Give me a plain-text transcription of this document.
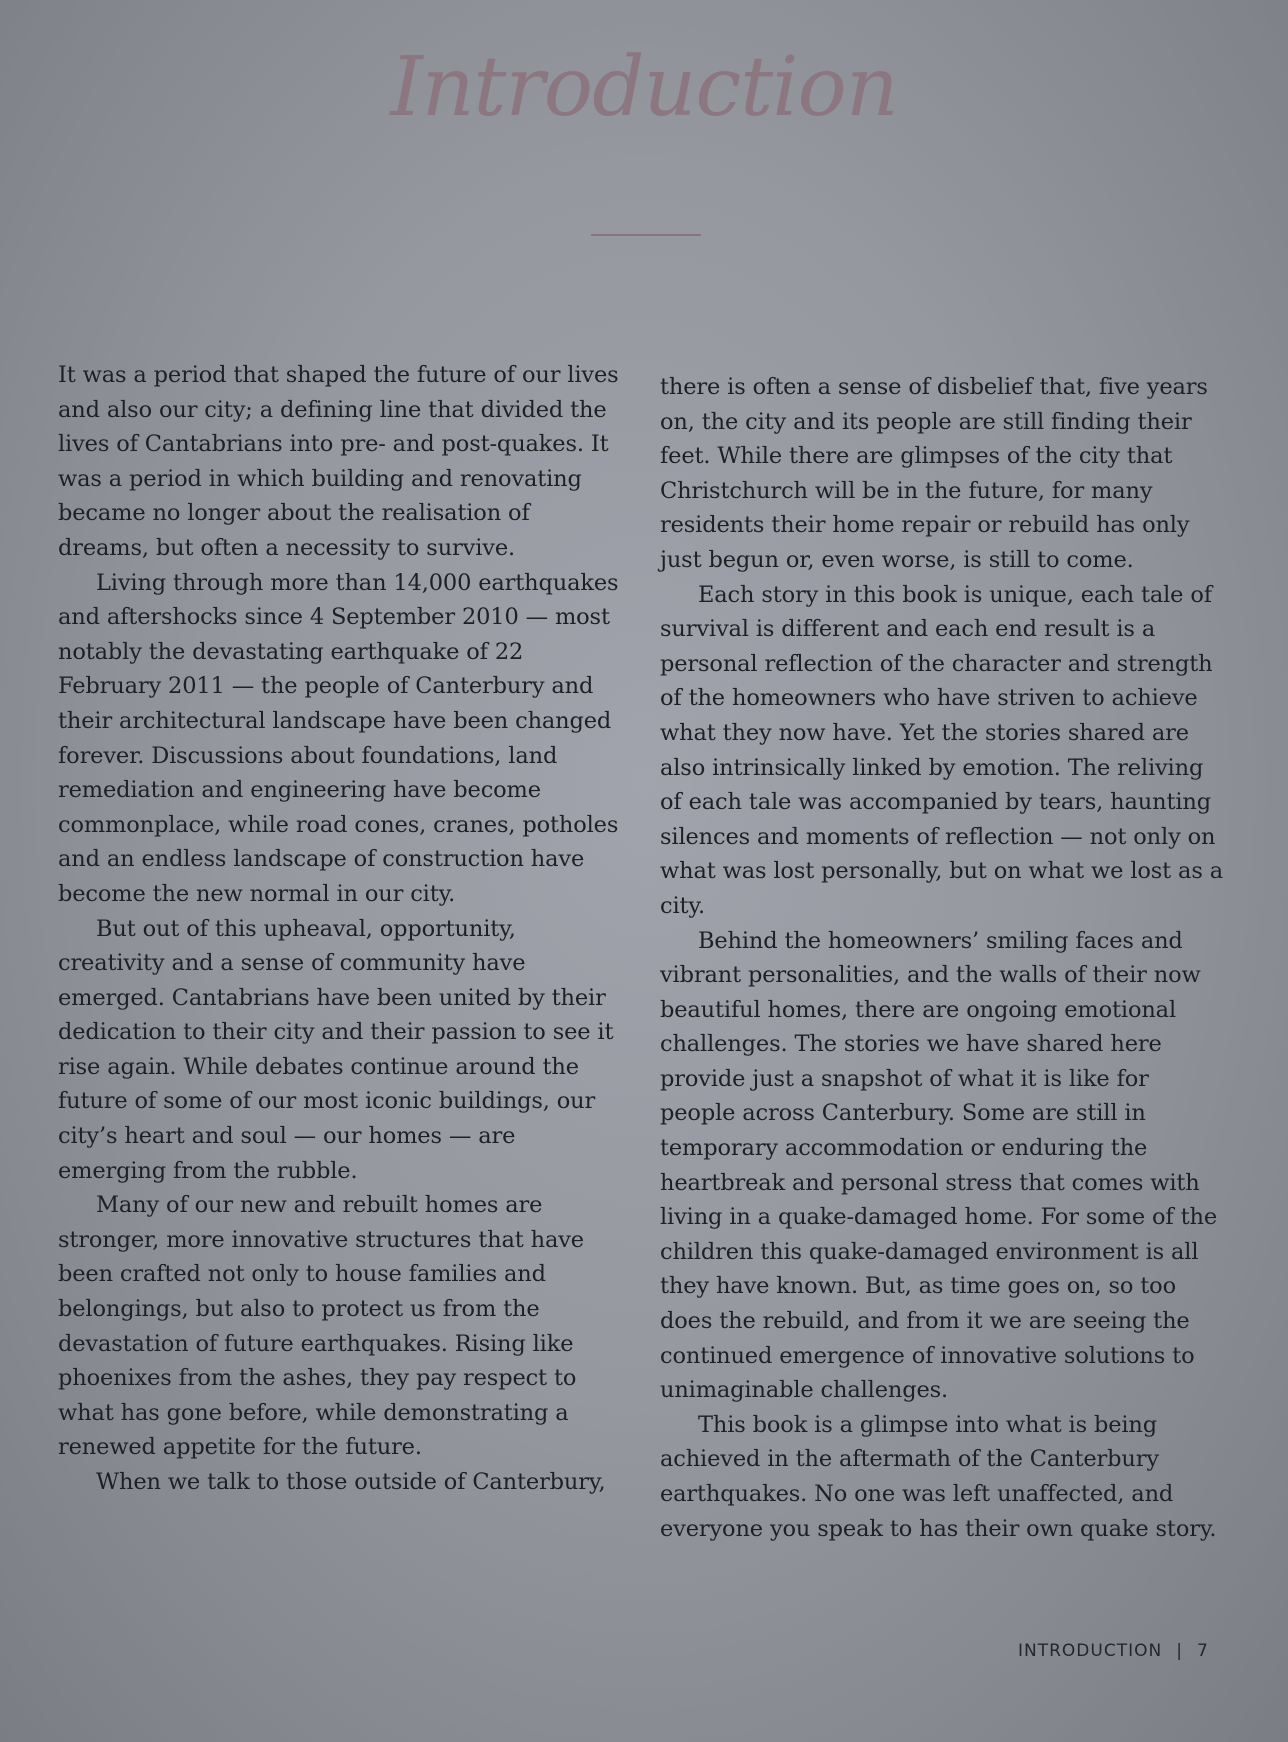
Introduction

It was a period that shaped the future of our lives and also our city; a defining line that divided the lives of Cantabrians into pre- and post-quakes. It was a period in which building and renovating became no longer about the realisation of dreams, but often a necessity to survive.

Living through more than 14,000 earthquakes and aftershocks since 4 September 2010 — most notably the devastating earthquake of 22 February 2011 — the people of Canterbury and their architectural landscape have been changed forever. Discussions about foundations, land remediation and engineering have become commonplace, while road cones, cranes, potholes and an endless landscape of construction have become the new normal in our city.

But out of this upheaval, opportunity, creativity and a sense of community have emerged. Cantabrians have been united by their dedication to their city and their passion to see it rise again. While debates continue around the future of some of our most iconic buildings, our city’s heart and soul — our homes — are emerging from the rubble.

Many of our new and rebuilt homes are stronger, more innovative structures that have been crafted not only to house families and belongings, but also to protect us from the devastation of future earthquakes. Rising like phoenixes from the ashes, they pay respect to what has gone before, while demonstrating a renewed appetite for the future.

When we talk to those outside of Canterbury,

there is often a sense of disbelief that, five years on, the city and its people are still finding their feet. While there are glimpses of the city that Christchurch will be in the future, for many residents their home repair or rebuild has only just begun or, even worse, is still to come.

Each story in this book is unique, each tale of survival is different and each end result is a personal reflection of the character and strength of the homeowners who have striven to achieve what they now have. Yet the stories shared are also intrinsically linked by emotion. The reliving of each tale was accompanied by tears, haunting silences and moments of reflection — not only on what was lost personally, but on what we lost as a city.

Behind the homeowners’ smiling faces and vibrant personalities, and the walls of their now beautiful homes, there are ongoing emotional challenges. The stories we have shared here provide just a snapshot of what it is like for people across Canterbury. Some are still in temporary accommodation or enduring the heartbreak and personal stress that comes with living in a quake-damaged home. For some of the children this quake-damaged environment is all they have known. But, as time goes on, so too does the rebuild, and from it we are seeing the continued emergence of innovative solutions to unimaginable challenges.

This book is a glimpse into what is being achieved in the aftermath of the Canterbury earthquakes. No one was left unaffected, and everyone you speak to has their own quake story.

INTRODUCTION | 7
